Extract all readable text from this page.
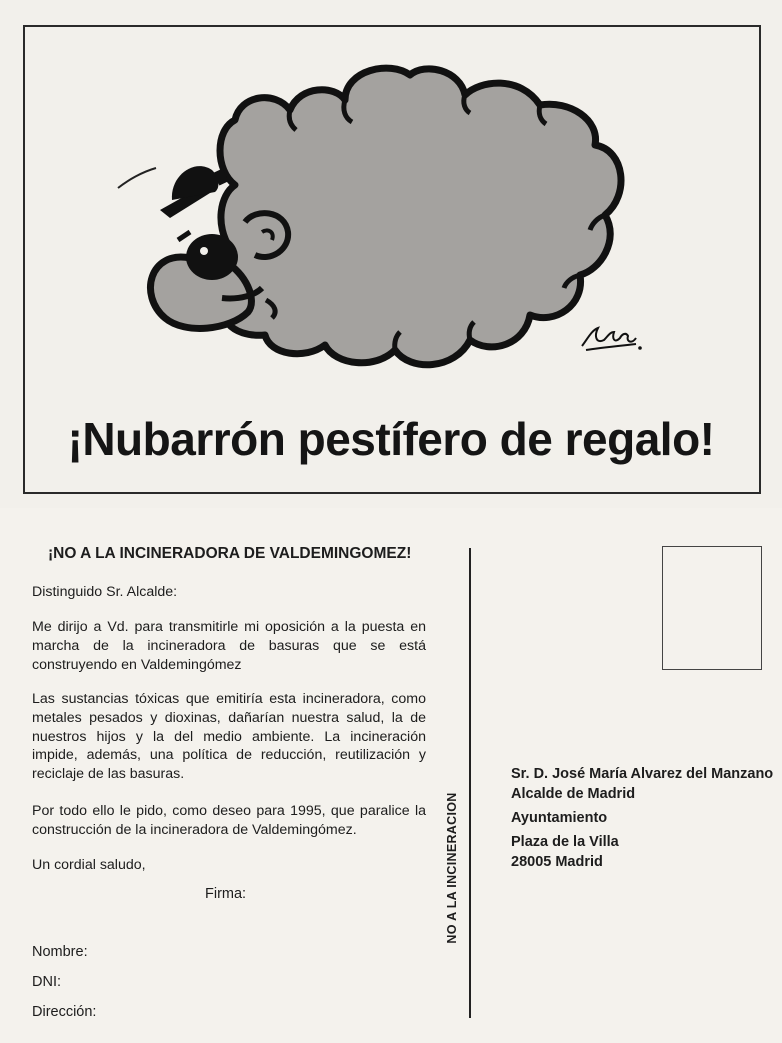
¡Nubarrón pestífero de regalo!
¡NO A LA INCINERADORA DE VALDEMINGOMEZ!
Distinguido Sr. Alcalde:
Me dirijo a Vd. para transmitirle mi oposición a la puesta en marcha de la incineradora de basuras que se está construyendo en Valdemingómez
Las sustancias tóxicas que emitiría esta incineradora, como metales pesados y dioxinas, dañarían nuestra salud, la de nuestros hijos y la del medio ambiente. La incineración impide, además, una política de reducción, reutilización y reciclaje de las basuras.
Por todo ello le pido, como deseo para 1995, que paralice la construcción de la incineradora de Valdemingómez.
Un cordial saludo,
Firma:
Nombre:
DNI:
Dirección:
NO A LA INCINERACION
Sr. D. José María Alvarez del Manzano
Alcalde de Madrid
Ayuntamiento
Plaza de la Villa
28005 Madrid
